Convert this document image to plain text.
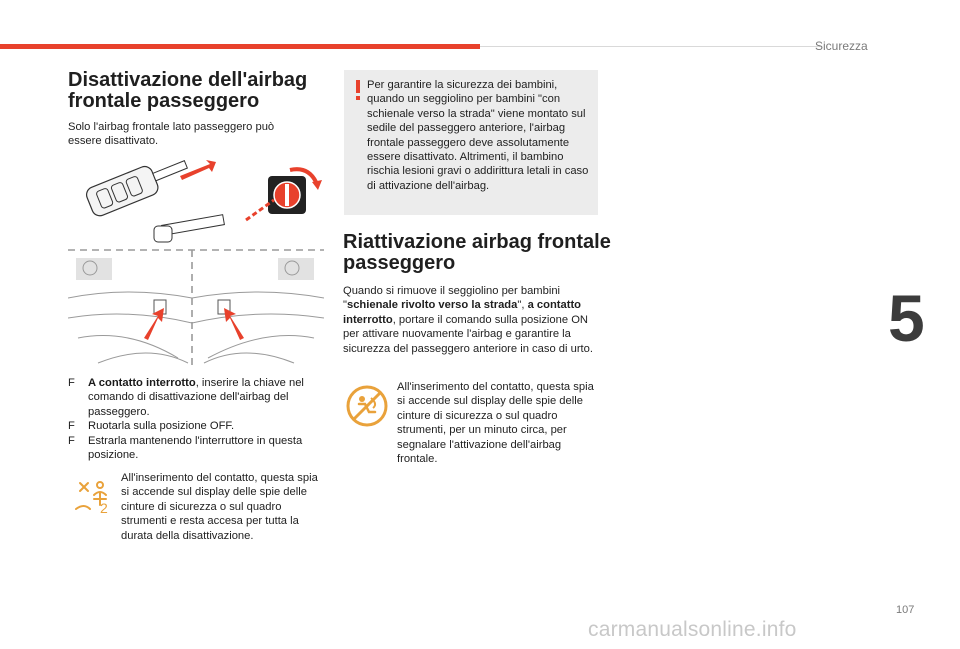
Sicurezza
5
107
carmanualsonline.info
Disattivazione dell'airbag
frontale passeggero
Solo l'airbag frontale lato passeggero può essere disattivato.

F A contatto interrotto, inserire la chiave nel comando di disattivazione dell'airbag del passeggero.

F Ruotarla sulla posizione OFF.

F Estrarla mantenendo l'interruttore in questa posizione.

2
All'inserimento del contatto, questa spia si accende sul display delle spie delle cinture di sicurezza o sul quadro strumenti e resta accesa per tutta la durata della disattivazione.
Per garantire la sicurezza dei bambini, quando un seggiolino per bambini "con schienale verso la strada" viene montato sul sedile del passeggero anteriore, l'airbag frontale passeggero deve assolutamente essere disattivato. Altrimenti, il bambino rischia lesioni gravi o addirittura letali in caso di attivazione dell'airbag.
Riattivazione airbag frontale
passeggero
Quando si rimuove il seggiolino per bambini "schienale rivolto verso la strada", a contatto interrotto, portare il comando sulla posizione ON per attivare nuovamente l'airbag e garantire la sicurezza del passeggero anteriore in caso di urto.
All'inserimento del contatto, questa spia si accende sul display delle spie delle cinture di sicurezza o sul quadro strumenti, per un minuto circa, per segnalare l'attivazione dell'airbag frontale.
